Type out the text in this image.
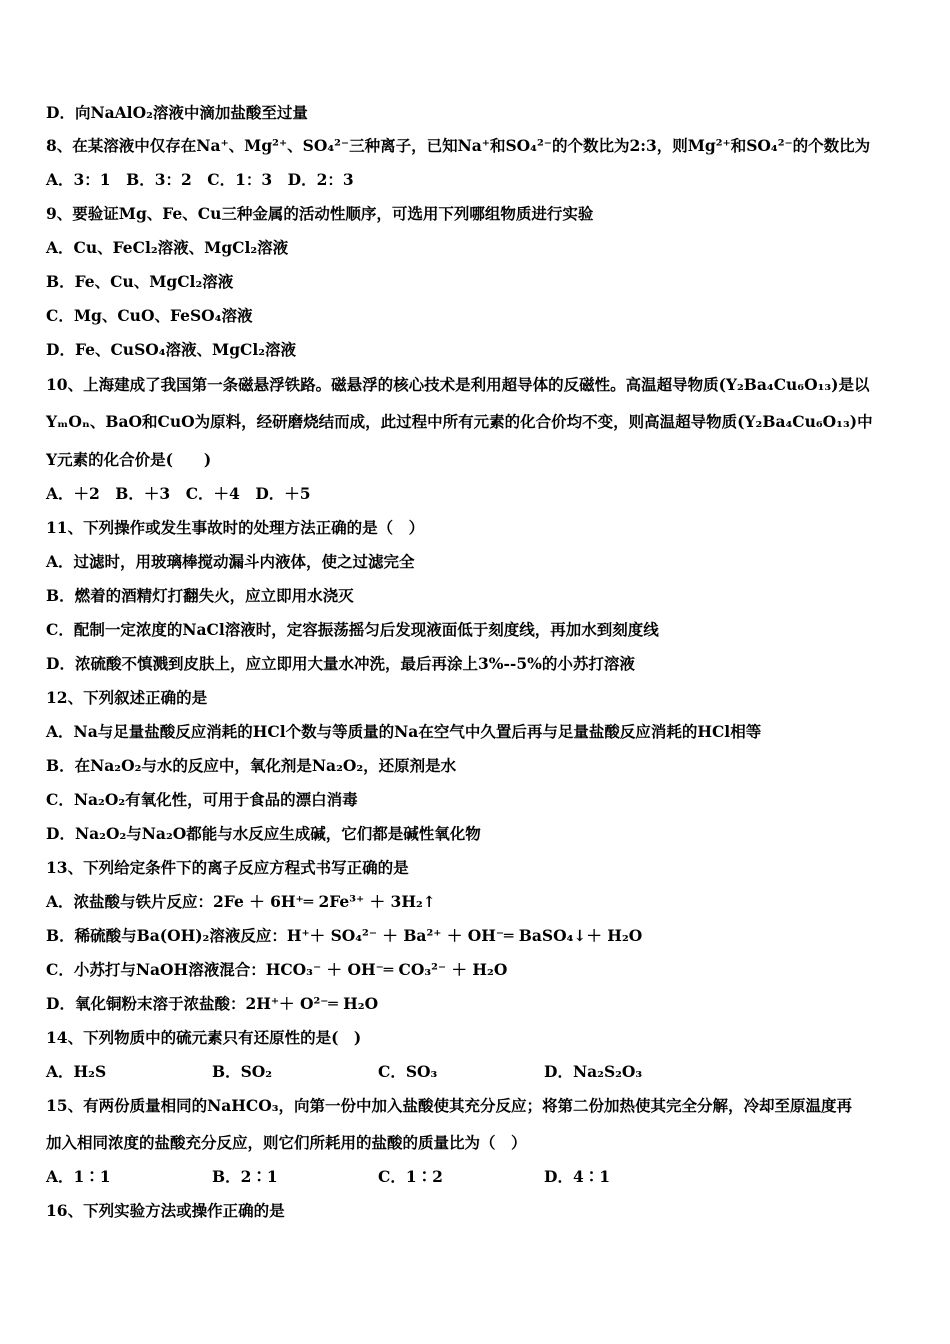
D．向NaAlO₂溶液中滴加盐酸至过量
8、在某溶液中仅存在Na⁺、Mg²⁺、SO₄²⁻三种离子，已知Na⁺和SO₄²⁻的个数比为2:3，则Mg²⁺和SO₄²⁻的个数比为
A．3：1　B．3：2　C．1：3　D．2：3
9、要验证Mg、Fe、Cu三种金属的活动性顺序，可选用下列哪组物质进行实验
A．Cu、FeCl₂溶液、MgCl₂溶液
B．Fe、Cu、MgCl₂溶液
C．Mg、CuO、FeSO₄溶液
D．Fe、CuSO₄溶液、MgCl₂溶液
10、上海建成了我国第一条磁悬浮铁路。磁悬浮的核心技术是利用超导体的反磁性。高温超导物质(Y₂Ba₄Cu₆O₁₃)是以
YₘOₙ、BaO和CuO为原料，经研磨烧结而成，此过程中所有元素的化合价均不变，则高温超导物质(Y₂Ba₄Cu₆O₁₃)中
Y元素的化合价是(　　)
A．＋2　B．＋3　C．＋4　D．＋5
11、下列操作或发生事故时的处理方法正确的是（　）
A．过滤时，用玻璃棒搅动漏斗内液体，使之过滤完全
B．燃着的酒精灯打翻失火，应立即用水浇灭
C．配制一定浓度的NaCl溶液时，定容振荡摇匀后发现液面低于刻度线，再加水到刻度线
D．浓硫酸不慎溅到皮肤上，应立即用大量水冲洗，最后再涂上3%--5%的小苏打溶液
12、下列叙述正确的是
A．Na与足量盐酸反应消耗的HCl个数与等质量的Na在空气中久置后再与足量盐酸反应消耗的HCl相等
B．在Na₂O₂与水的反应中，氧化剂是Na₂O₂，还原剂是水
C．Na₂O₂有氧化性，可用于食品的漂白消毒
D．Na₂O₂与Na₂O都能与水反应生成碱，它们都是碱性氧化物
13、下列给定条件下的离子反应方程式书写正确的是
A．浓盐酸与铁片反应：2Fe ＋ 6H⁺═ 2Fe³⁺ ＋ 3H₂↑
B．稀硫酸与Ba(OH)₂溶液反应：H⁺＋ SO₄²⁻ ＋ Ba²⁺ ＋ OH⁻═ BaSO₄↓＋ H₂O
C．小苏打与NaOH溶液混合：HCO₃⁻ ＋ OH⁻═ CO₃²⁻ ＋ H₂O
D．氧化铜粉末溶于浓盐酸：2H⁺＋ O²⁻═ H₂O
14、下列物质中的硫元素只有还原性的是(　)
A．H₂S	B．SO₂	C．SO₃	D．Na₂S₂O₃
15、有两份质量相同的NaHCO₃，向第一份中加入盐酸使其充分反应；将第二份加热使其完全分解，冷却至原温度再
加入相同浓度的盐酸充分反应，则它们所耗用的盐酸的质量比为（　）
A．1∶1	B．2∶1	C．1∶2	D．4∶1
16、下列实验方法或操作正确的是
